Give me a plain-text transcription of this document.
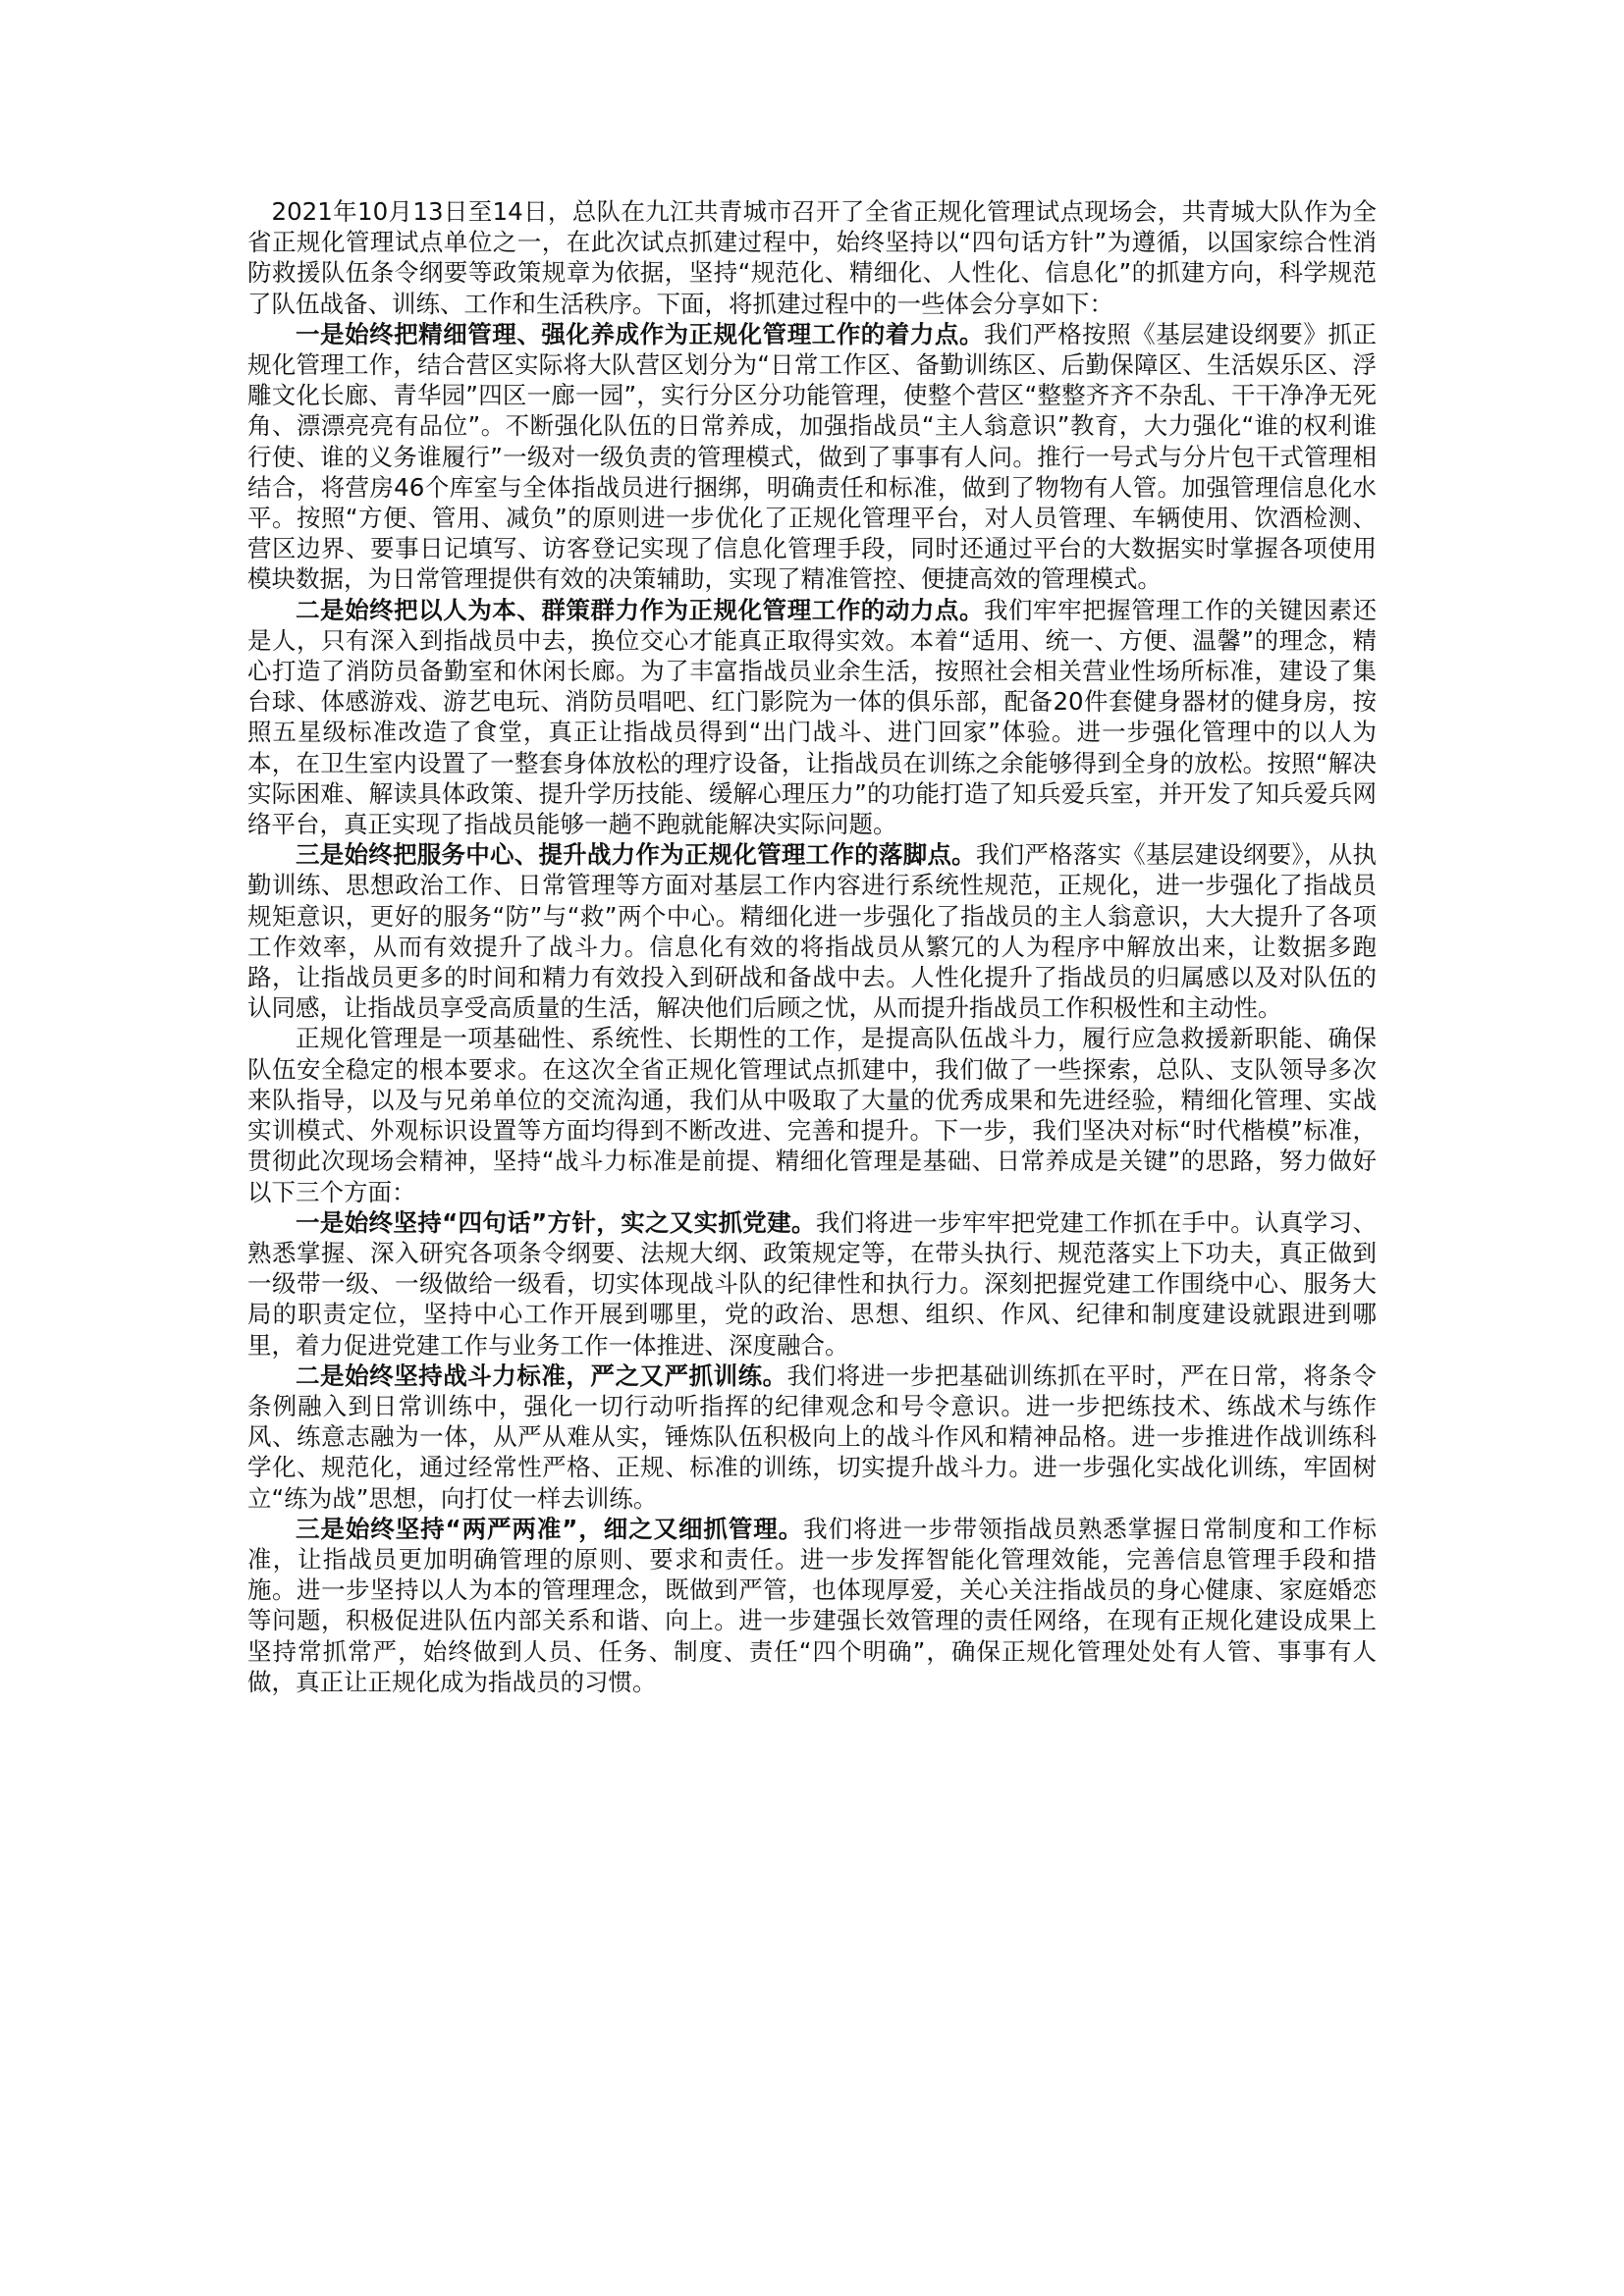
2021年10月13日至14日，总队在九江共青城市召开了全省正规化管理试点现场会，共青城大队作为全省正规化管理试点单位之一，在此次试点抓建过程中，始终坚持以“四句话方针”为遵循，以国家综合性消防救援队伍条令纲要等政策规章为依据，坚持“规范化、精细化、人性化、信息化”的抓建方向，科学规范了队伍战备、训练、工作和生活秩序。下面，将抓建过程中的一些体会分享如下：

一是始终把精细管理、强化养成作为正规化管理工作的着力点。我们严格按照《基层建设纲要》抓正规化管理工作，结合营区实际将大队营区划分为“日常工作区、备勤训练区、后勤保障区、生活娱乐区、浮雕文化长廊、青华园”四区一廊一园”，实行分区分功能管理，使整个营区“整整齐齐不杂乱、干干净净无死角、漂漂亮亮有品位”。不断强化队伍的日常养成，加强指战员“主人翁意识”教育，大力强化“谁的权利谁行使、谁的义务谁履行”一级对一级负责的管理模式，做到了事事有人问。推行一号式与分片包干式管理相结合，将营房46个库室与全体指战员进行捆绑，明确责任和标准，做到了物物有人管。加强管理信息化水平。按照“方便、管用、减负”的原则进一步优化了正规化管理平台，对人员管理、车辆使用、饮酒检测、营区边界、要事日记填写、访客登记实现了信息化管理手段，同时还通过平台的大数据实时掌握各项使用模块数据，为日常管理提供有效的决策辅助，实现了精准管控、便捷高效的管理模式。

二是始终把以人为本、群策群力作为正规化管理工作的动力点。我们牢牢把握管理工作的关键因素还是人，只有深入到指战员中去，换位交心才能真正取得实效。本着“适用、统一、方便、温馨”的理念，精心打造了消防员备勤室和休闲长廊。为了丰富指战员业余生活，按照社会相关营业性场所标准，建设了集台球、体感游戏、游艺电玩、消防员唱吧、红门影院为一体的俱乐部，配备20件套健身器材的健身房，按照五星级标准改造了食堂，真正让指战员得到“出门战斗、进门回家”体验。进一步强化管理中的以人为本，在卫生室内设置了一整套身体放松的理疗设备，让指战员在训练之余能够得到全身的放松。按照“解决实际困难、解读具体政策、提升学历技能、缓解心理压力”的功能打造了知兵爱兵室，并开发了知兵爱兵网络平台，真正实现了指战员能够一趟不跑就能解决实际问题。

三是始终把服务中心、提升战力作为正规化管理工作的落脚点。我们严格落实《基层建设纲要》，从执勤训练、思想政治工作、日常管理等方面对基层工作内容进行系统性规范，正规化，进一步强化了指战员规矩意识，更好的服务“防”与“救”两个中心。精细化进一步强化了指战员的主人翁意识，大大提升了各项工作效率，从而有效提升了战斗力。信息化有效的将指战员从繁冗的人为程序中解放出来，让数据多跑路，让指战员更多的时间和精力有效投入到研战和备战中去。人性化提升了指战员的归属感以及对队伍的认同感，让指战员享受高质量的生活，解决他们后顾之忧，从而提升指战员工作积极性和主动性。

正规化管理是一项基础性、系统性、长期性的工作，是提高队伍战斗力，履行应急救援新职能、确保队伍安全稳定的根本要求。在这次全省正规化管理试点抓建中，我们做了一些探索，总队、支队领导多次来队指导，以及与兄弟单位的交流沟通，我们从中吸取了大量的优秀成果和先进经验，精细化管理、实战实训模式、外观标识设置等方面均得到不断改进、完善和提升。下一步，我们坚决对标“时代楷模”标准，贯彻此次现场会精神，坚持“战斗力标准是前提、精细化管理是基础、日常养成是关键”的思路，努力做好以下三个方面：

一是始终坚持“四句话”方针，实之又实抓党建。我们将进一步牢牢把党建工作抓在手中。认真学习、熟悉掌握、深入研究各项条令纲要、法规大纲、政策规定等，在带头执行、规范落实上下功夫，真正做到一级带一级、一级做给一级看，切实体现战斗队的纪律性和执行力。深刻把握党建工作围绕中心、服务大局的职责定位，坚持中心工作开展到哪里，党的政治、思想、组织、作风、纪律和制度建设就跟进到哪里，着力促进党建工作与业务工作一体推进、深度融合。

二是始终坚持战斗力标准，严之又严抓训练。我们将进一步把基础训练抓在平时，严在日常，将条令条例融入到日常训练中，强化一切行动听指挥的纪律观念和号令意识。进一步把练技术、练战术与练作风、练意志融为一体，从严从难从实，锤炼队伍积极向上的战斗作风和精神品格。进一步推进作战训练科学化、规范化，通过经常性严格、正规、标准的训练，切实提升战斗力。进一步强化实战化训练，牢固树立“练为战”思想，向打仗一样去训练。

三是始终坚持“两严两准”，细之又细抓管理。我们将进一步带领指战员熟悉掌握日常制度和工作标准，让指战员更加明确管理的原则、要求和责任。进一步发挥智能化管理效能，完善信息管理手段和措施。进一步坚持以人为本的管理理念，既做到严管，也体现厚爱，关心关注指战员的身心健康、家庭婚恋等问题，积极促进队伍内部关系和谐、向上。进一步建强长效管理的责任网络，在现有正规化建设成果上坚持常抓常严，始终做到人员、任务、制度、责任“四个明确”，确保正规化管理处处有人管、事事有人做，真正让正规化成为指战员的习惯。
